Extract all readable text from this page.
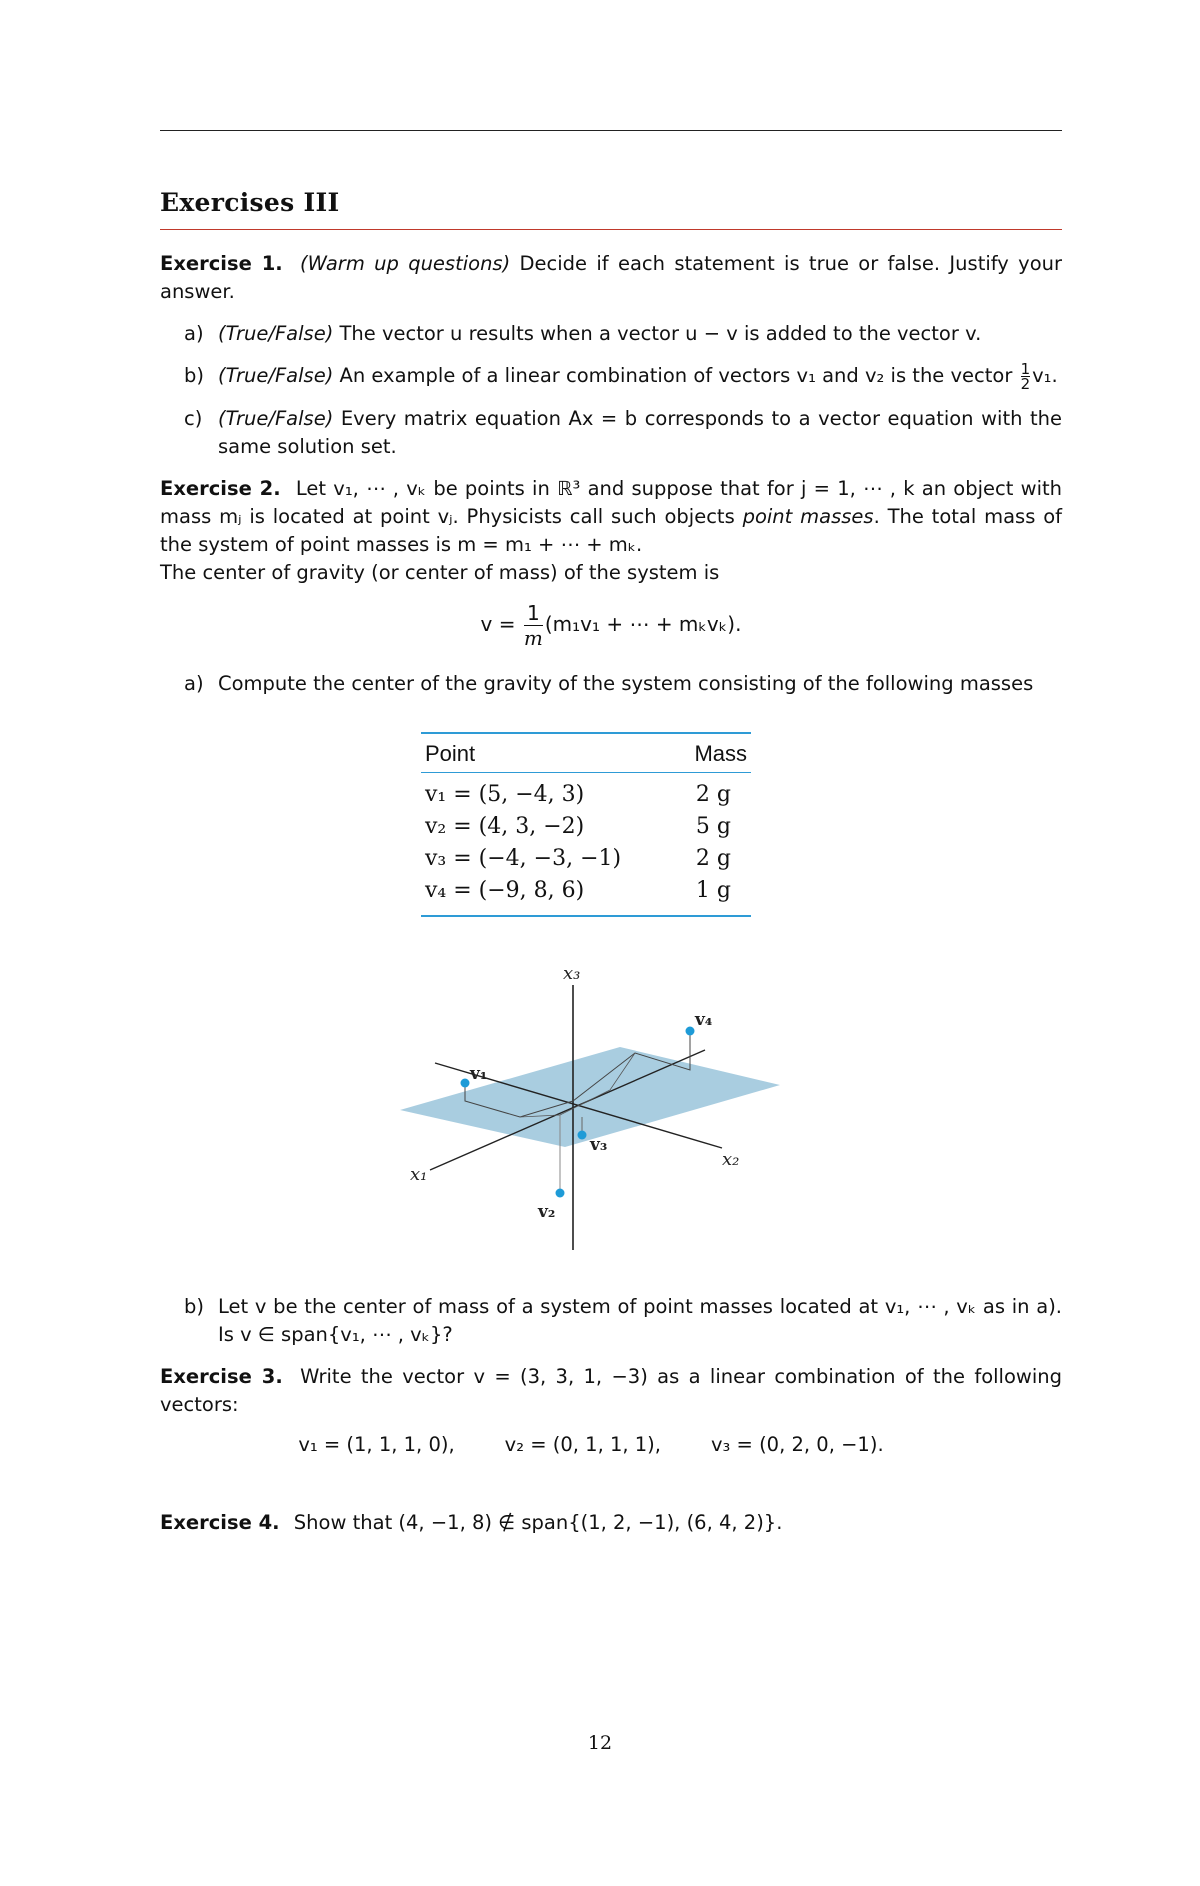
Exercises III

Exercise 1. (Warm up questions) Decide if each statement is true or false. Justify your answer.

a) (True/False) The vector u results when a vector u − v is added to the vector v.
b) (True/False) An example of a linear combination of vectors v₁ and v₂ is the vector $\frac{1}{2} v_1$.
c) (True/False) Every matrix equation Ax = b corresponds to a vector equation with the same solution set.

Exercise 2. Let v₁, ⋯ , vₖ be points in ℝ³ and suppose that for j = 1, ⋯ , k an object with mass mⱼ is located at point vⱼ. Physicists call such objects point masses. The total mass of the system of point masses is m = m₁ + ⋯ + mₖ.

The center of gravity (or center of mass) of the system is

$v = \frac{1}{m} (m_1v_1$ + ⋯ + mₖvₖ).
a) Compute the center of the gravity of the system consisting of the following masses
Point	Mass
v₁ = (5, −4, 3)	2 g
v₂ = (4, 3, −2)	5 g
v₃ = (−4, −3, −1)	2 g
v₄ = (−9, 8, 6)	1 g
x₃
x₁
x₂
v₁
v₂
v₃
v₄
b) Let v be the center of mass of a system of point masses located at v₁, ⋯ , vₖ as in a). Is v ∈ span{v₁, ⋯ , vₖ}?

Exercise 3. Write the vector v = (3, 3, 1, −3) as a linear combination of the following vectors:

v₁ = (1, 1, 1, 0),	v₂ = (0, 1, 1, 1),	v₃ = (0, 2, 0, −1).

Exercise 4. Show that (4, −1, 8) ∉ span{(1, 2, −1), (6, 4, 2)}.

12
